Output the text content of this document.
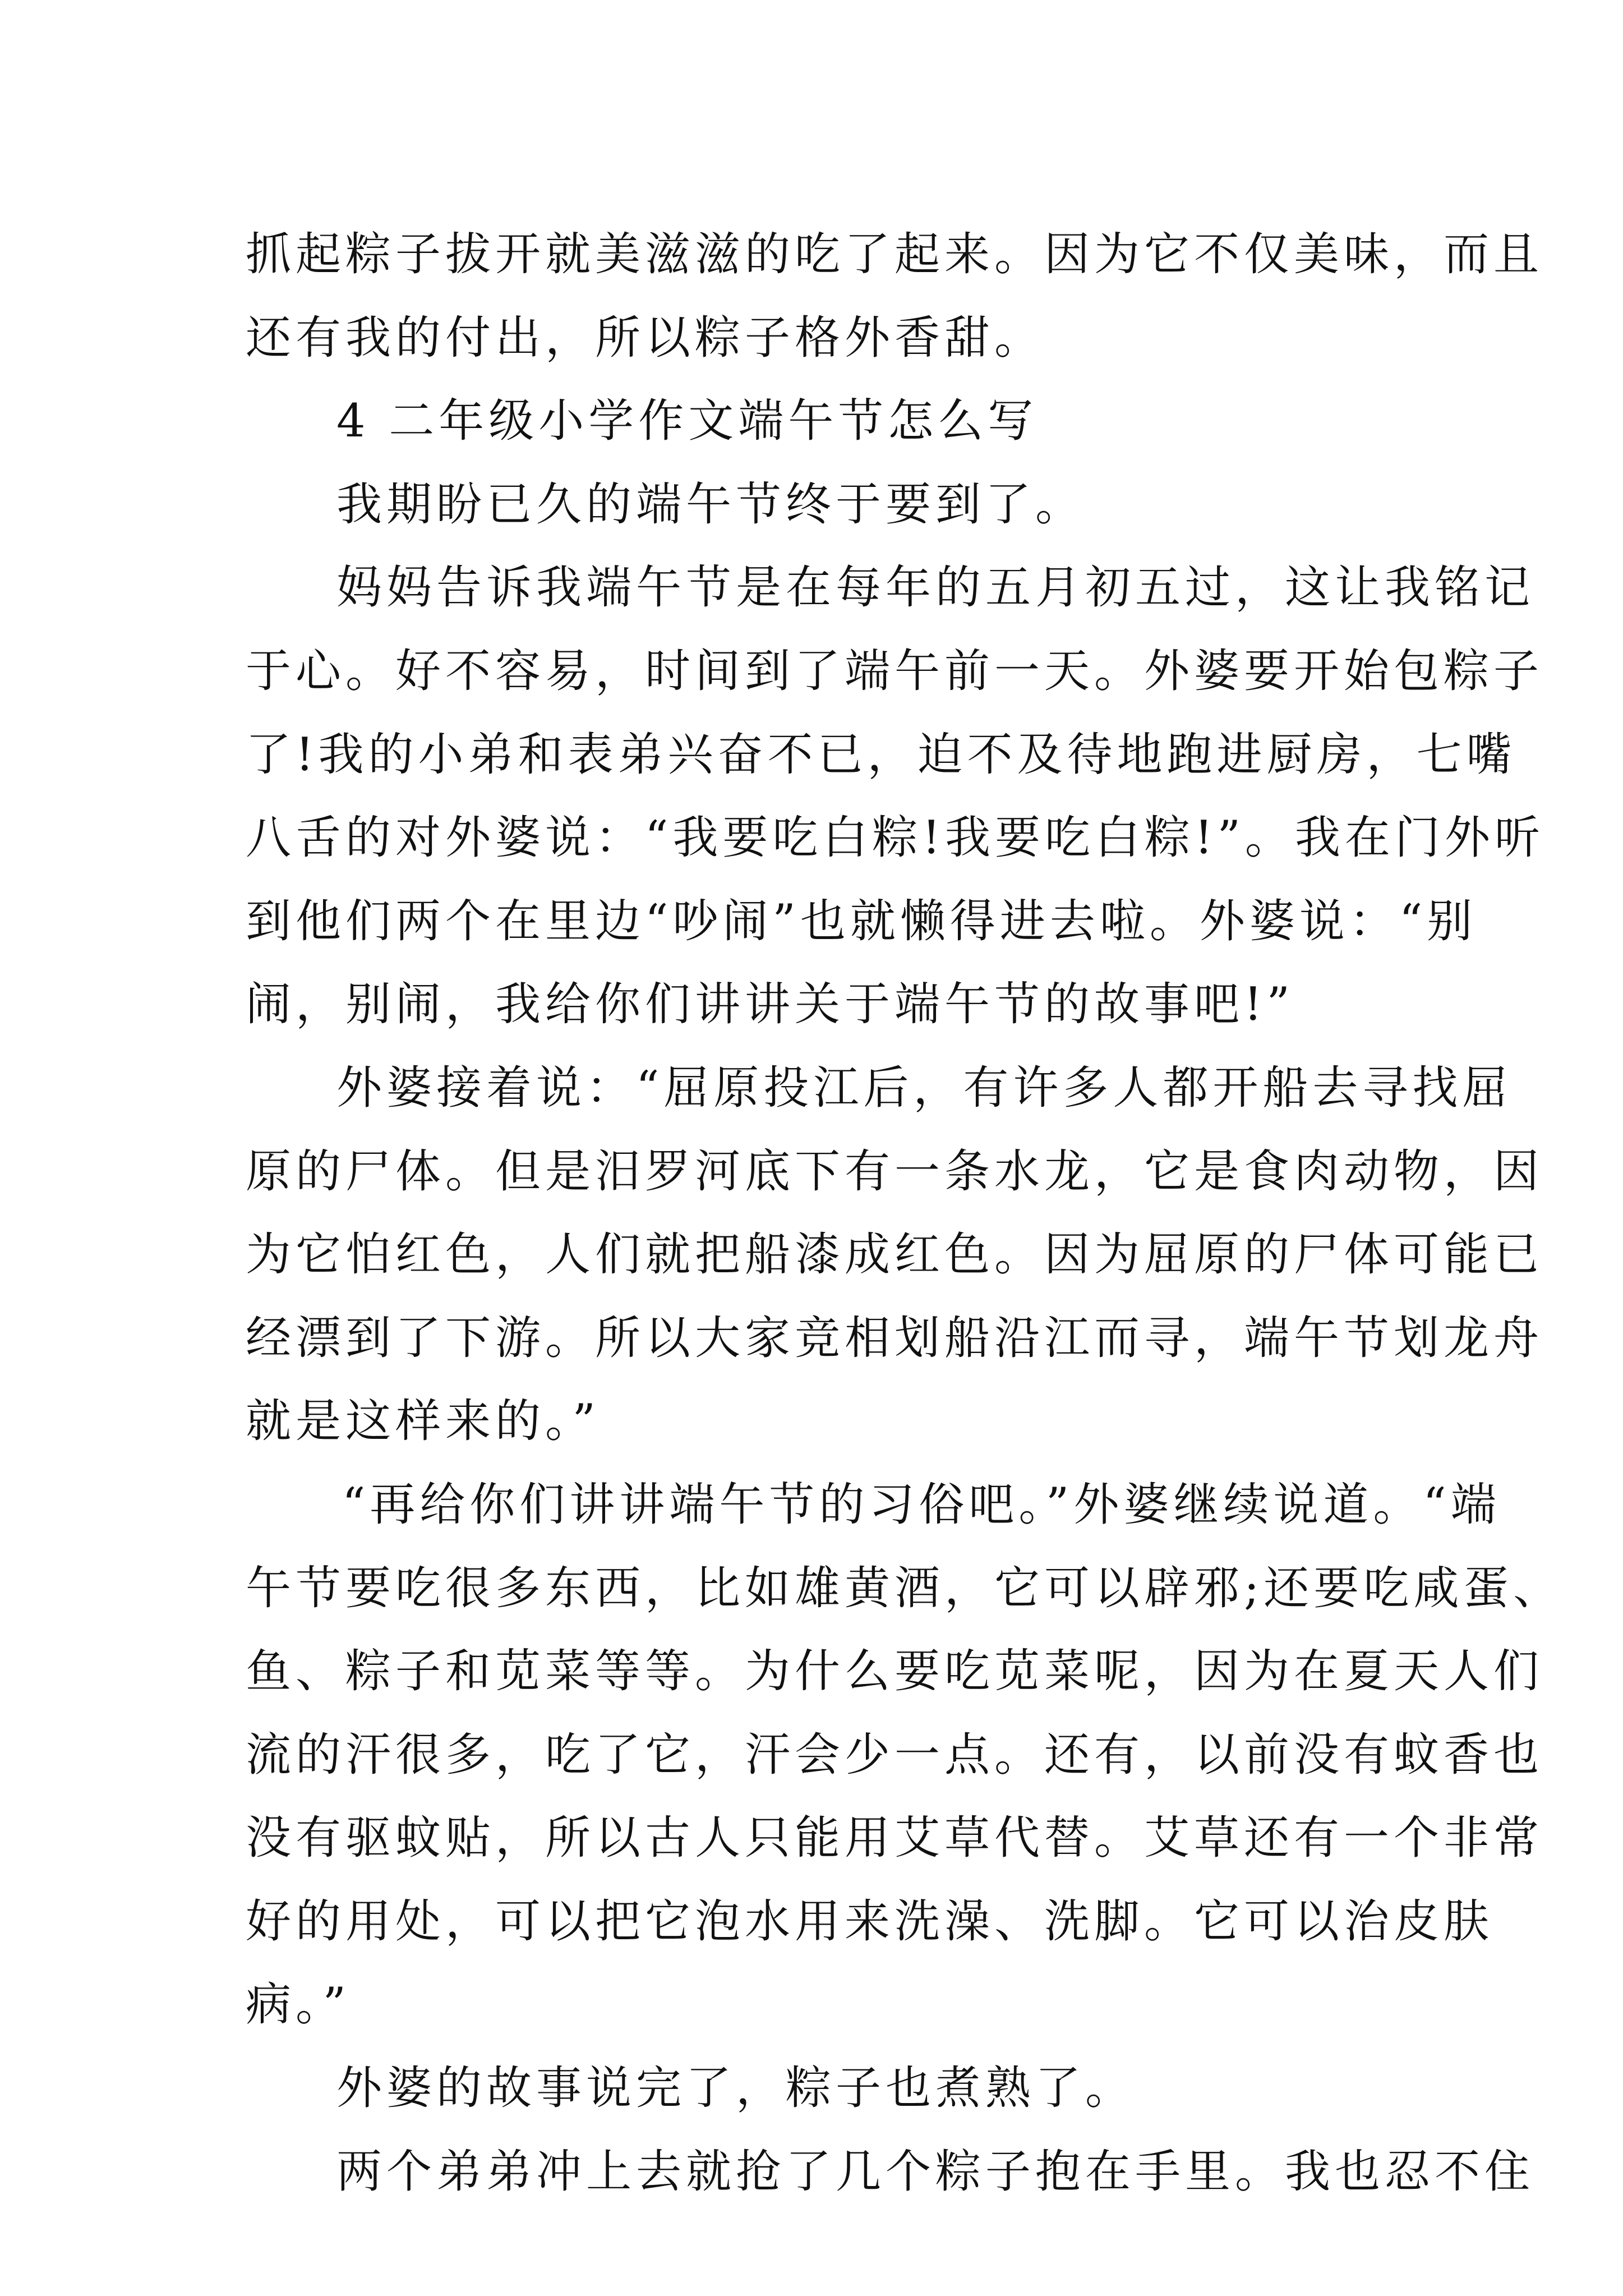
抓起粽子拔开就美滋滋的吃了起来。因为它不仅美味，而且

还有我的付出，所以粽子格外香甜。

4 二年级小学作文端午节怎么写

我期盼已久的端午节终于要到了。

妈妈告诉我端午节是在每年的五月初五过，这让我铭记

于心。好不容易，时间到了端午前一天。外婆要开始包粽子

了!我的小弟和表弟兴奋不已，迫不及待地跑进厨房，七嘴

八舌的对外婆说：“我要吃白粽!我要吃白粽!”。我在门外听

到他们两个在里边“吵闹”也就懒得进去啦。外婆说：“别

闹，别闹，我给你们讲讲关于端午节的故事吧!”

外婆接着说：“屈原投江后，有许多人都开船去寻找屈

原的尸体。但是汨罗河底下有一条水龙，它是食肉动物，因

为它怕红色，人们就把船漆成红色。因为屈原的尸体可能已

经漂到了下游。所以大家竞相划船沿江而寻，端午节划龙舟

就是这样来的。”

“再给你们讲讲端午节的习俗吧。”外婆继续说道。“端

午节要吃很多东西，比如雄黄酒，它可以辟邪;还要吃咸蛋、

鱼、粽子和苋菜等等。为什么要吃苋菜呢，因为在夏天人们

流的汗很多，吃了它，汗会少一点。还有，以前没有蚊香也

没有驱蚊贴，所以古人只能用艾草代替。艾草还有一个非常

好的用处，可以把它泡水用来洗澡、洗脚。它可以治皮肤

病。”

外婆的故事说完了，粽子也煮熟了。

两个弟弟冲上去就抢了几个粽子抱在手里。我也忍不住
